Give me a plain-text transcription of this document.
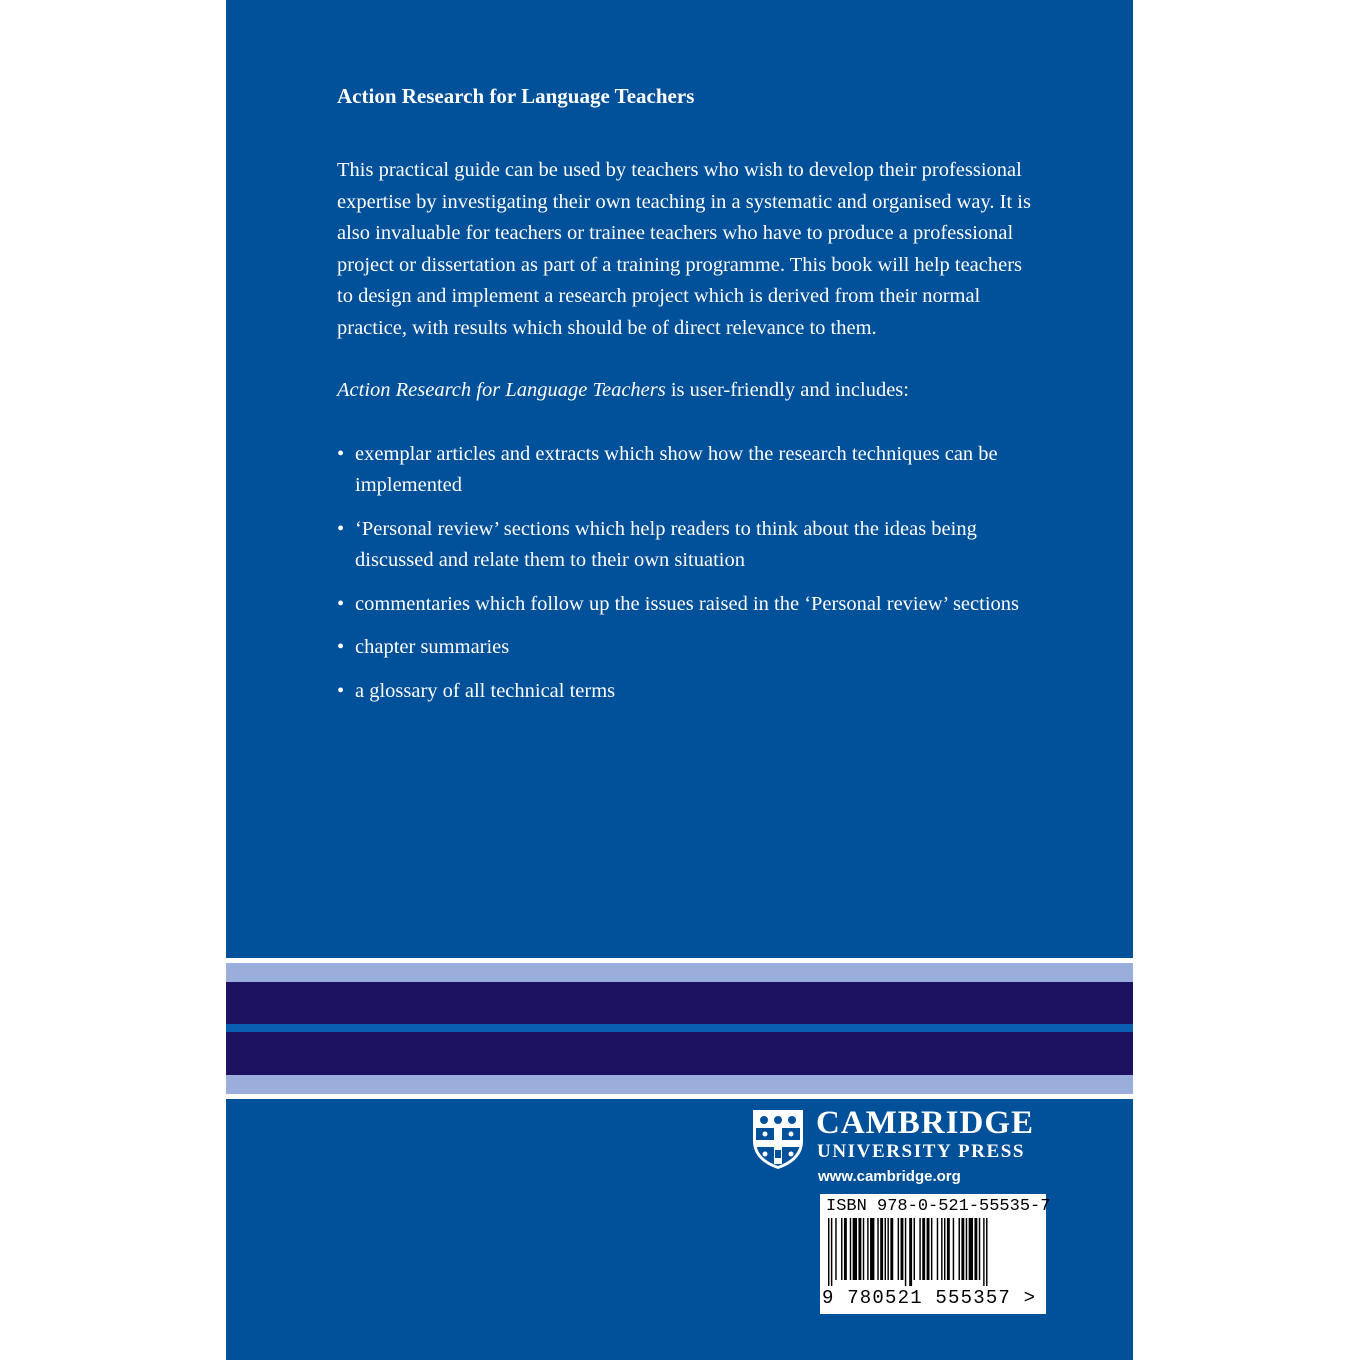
Action Research for Language Teachers

This practical guide can be used by teachers who wish to develop their professional expertise by investigating their own teaching in a systematic and organised way. It is also invaluable for teachers or trainee teachers who have to produce a professional project or dissertation as part of a training programme. This book will help teachers to design and implement a research project which is derived from their normal practice, with results which should be of direct relevance to them.

Action Research for Language Teachers is user-friendly and includes:

• exemplar articles and extracts which show how the research techniques can be implemented
• ‘Personal review’ sections which help readers to think about the ideas being discussed and relate them to their own situation
• commentaries which follow up the issues raised in the ‘Personal review’ sections
• chapter summaries
• a glossary of all technical terms
CAMBRIDGE
UNIVERSITY PRESS
www.cambridge.org
ISBN 978-0-521-55535-7
9 780521 555357 >
